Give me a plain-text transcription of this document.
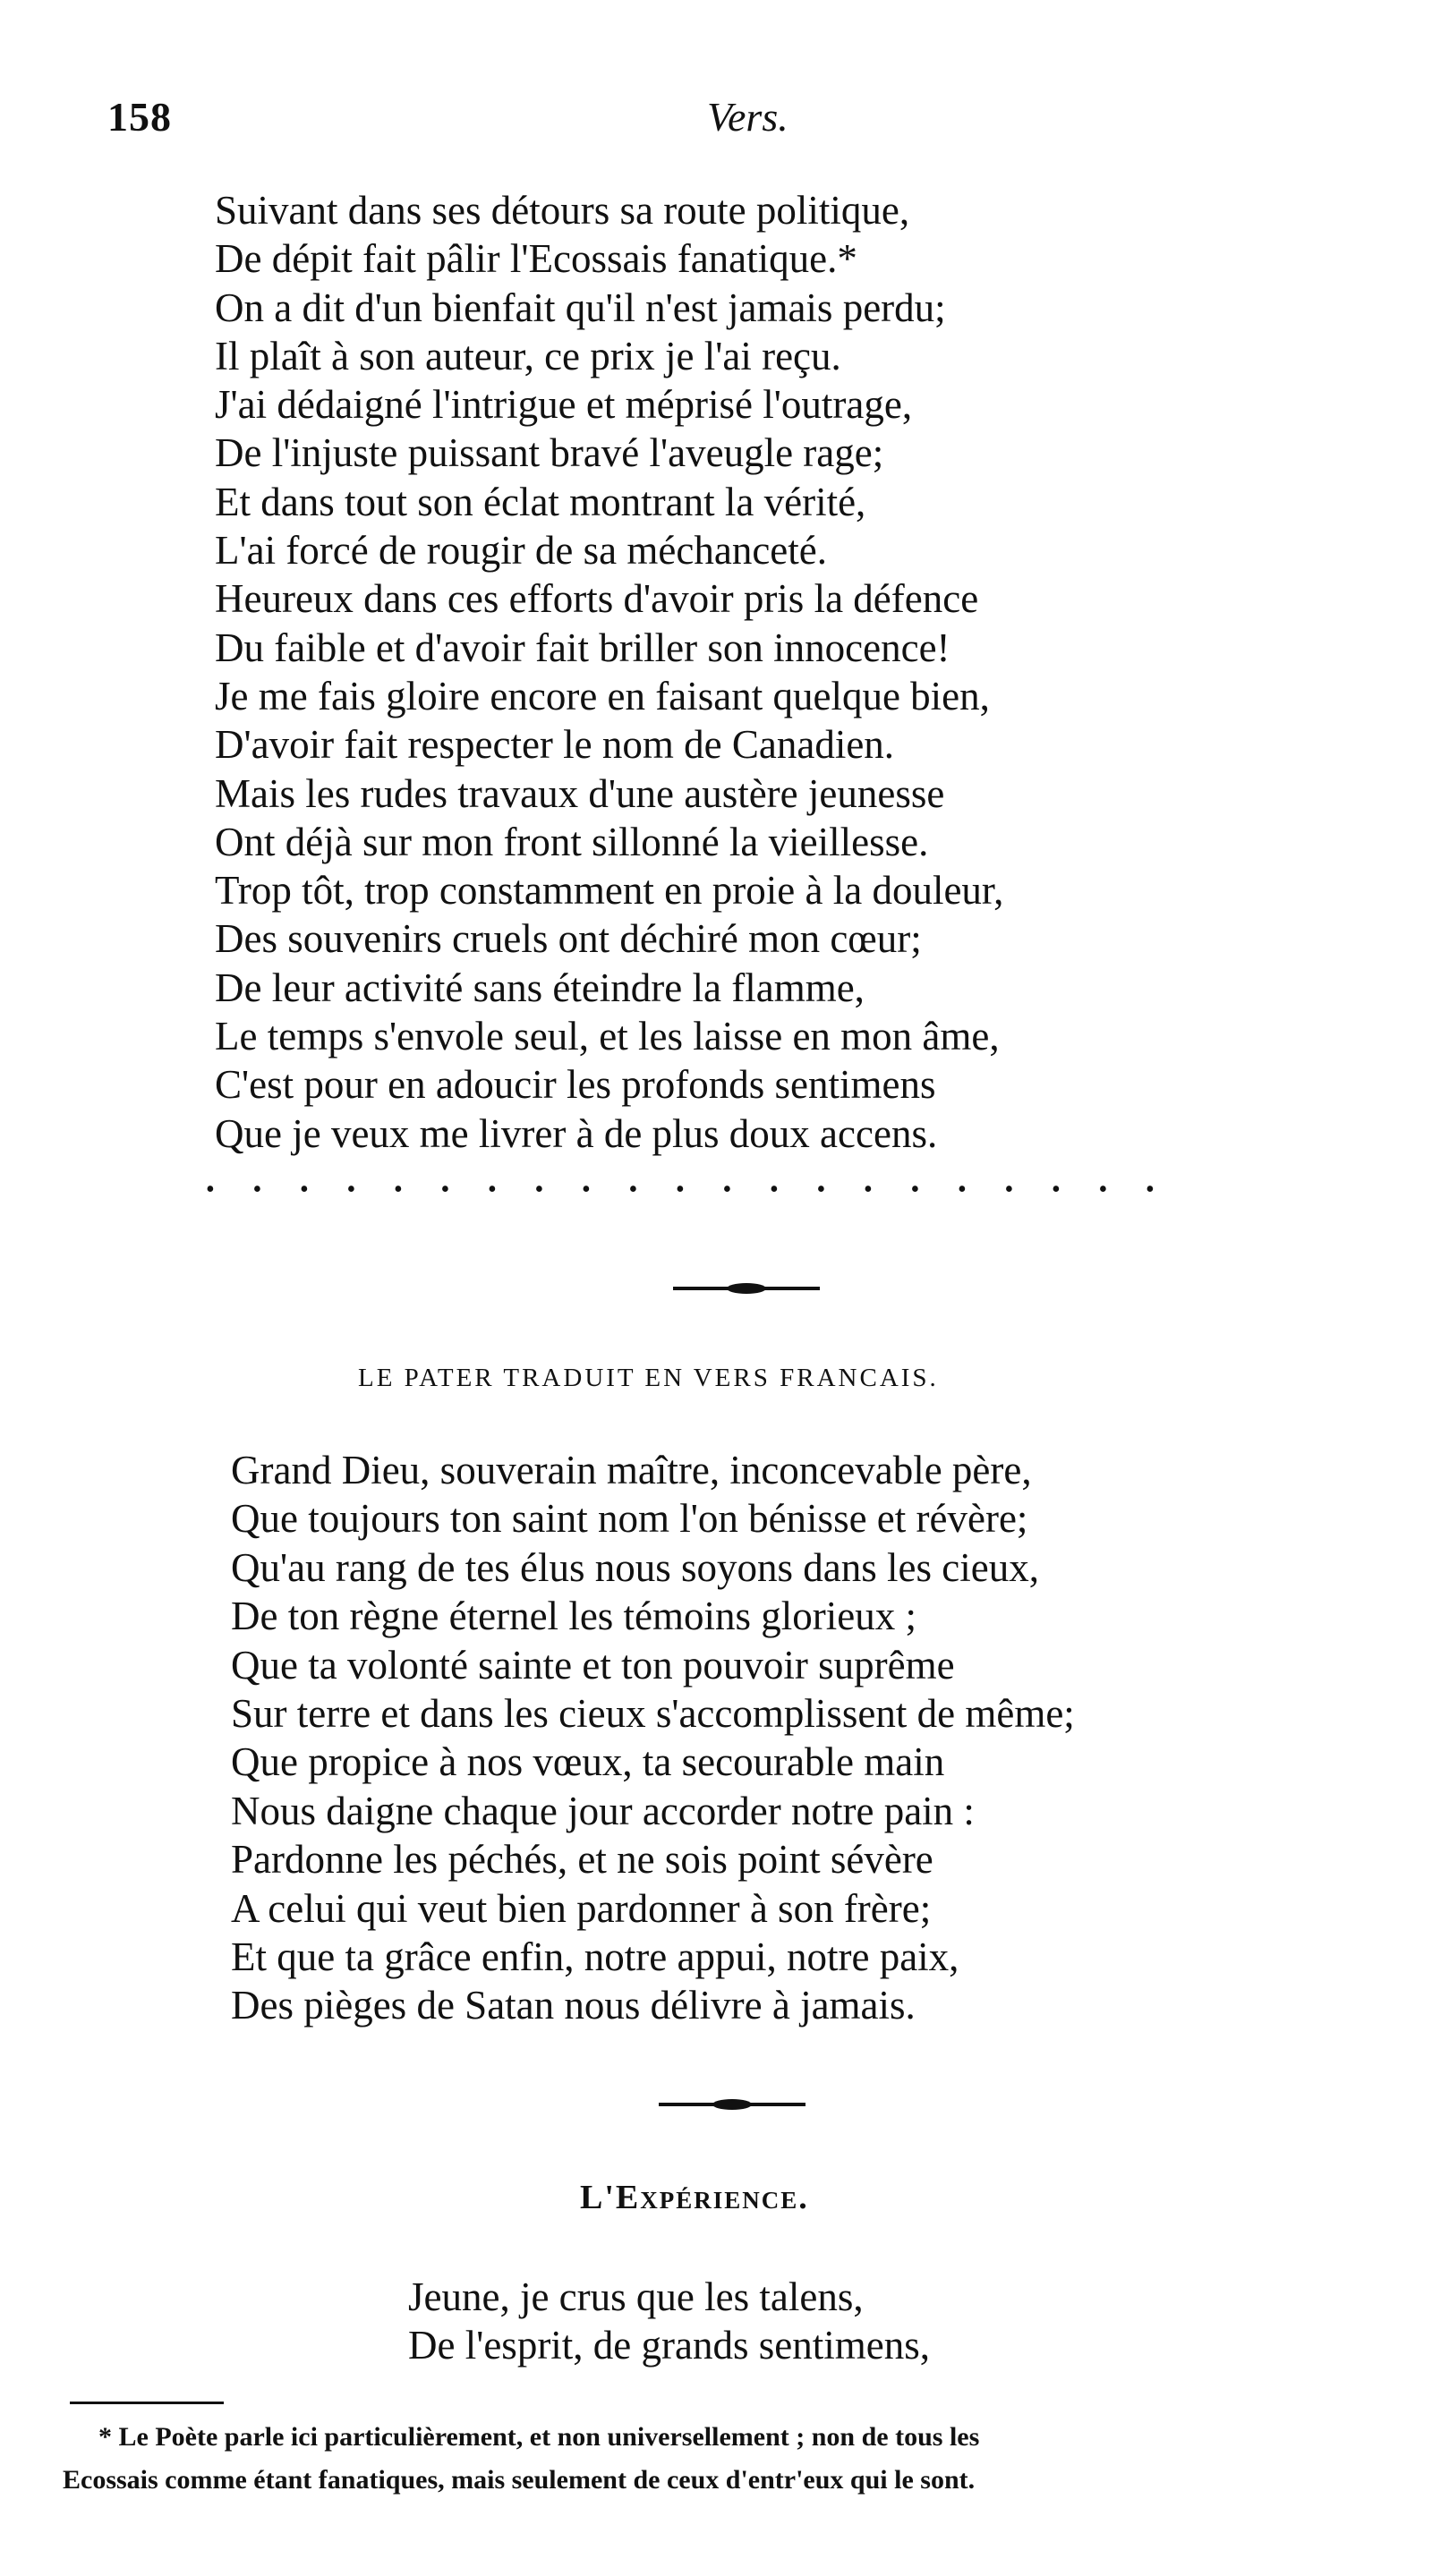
158	Vers.
Suivant dans ses détours sa route politique,
De dépit fait pâlir l'Ecossais fanatique.*
On a dit d'un bienfait qu'il n'est jamais perdu;
Il plaît à son auteur, ce prix je l'ai reçu.
J'ai dédaigné l'intrigue et méprisé l'outrage,
De l'injuste puissant bravé l'aveugle rage;
Et dans tout son éclat montrant la vérité,
L'ai forcé de rougir de sa méchanceté.
Heureux dans ces efforts d'avoir pris la défence
Du faible et d'avoir fait briller son innocence!
Je me fais gloire encore en faisant quelque bien,
D'avoir fait respecter le nom de Canadien.
Mais les rudes travaux d'une austère jeunesse
Ont déjà sur mon front sillonné la vieillesse.
Trop tôt, trop constamment en proie à la douleur,
Des souvenirs cruels ont déchiré mon cœur;
De leur activité sans éteindre la flamme,
Le temps s'envole seul, et les laisse en mon âme,
C'est pour en adoucir les profonds sentimens
Que je veux me livrer à de plus doux accens.
• • • • • • • • • • • • • • • • • • • • •
LE PATER TRADUIT EN VERS FRANCAIS.
Grand Dieu, souverain maître, inconcevable père,
Que toujours ton saint nom l'on bénisse et révère;
Qu'au rang de tes élus nous soyons dans les cieux,
De ton règne éternel les témoins glorieux ;
Que ta volonté sainte et ton pouvoir suprême
Sur terre et dans les cieux s'accomplissent de même;
Que propice à nos vœux, ta secourable main
Nous daigne chaque jour accorder notre pain :
Pardonne les péchés, et ne sois point sévère
A celui qui veut bien pardonner à son frère;
Et que ta grâce enfin, notre appui, notre paix,
Des pièges de Satan nous délivre à jamais.
L'Expérience.
Jeune, je crus que les talens,
De l'esprit, de grands sentimens,

* Le Poète parle ici particulièrement, et non universellement ; non de tous les

Ecossais comme étant fanatiques, mais seulement de ceux d'entr'eux qui le sont.
